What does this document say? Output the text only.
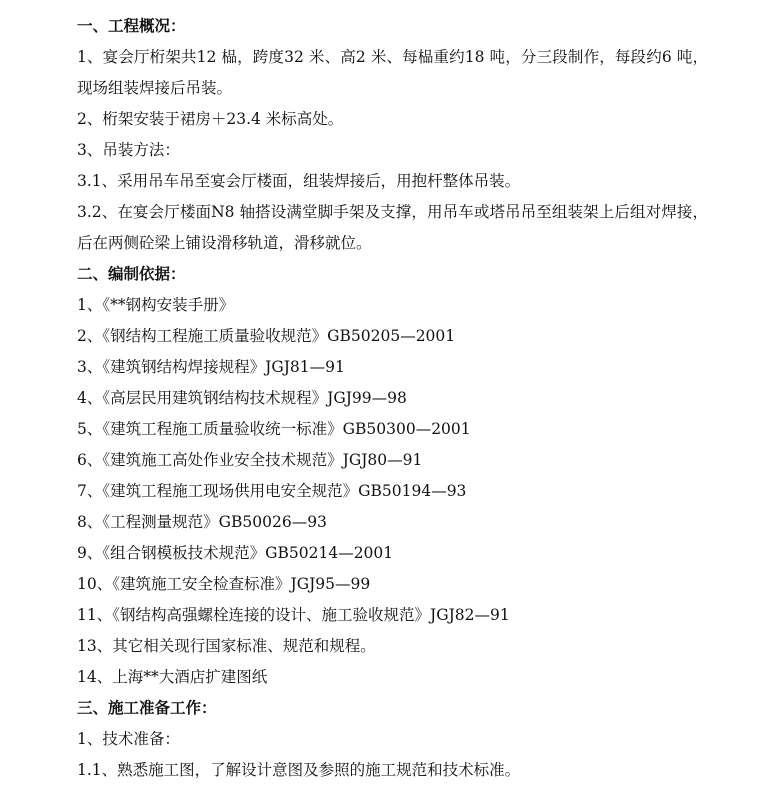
一、工程概况：
1、宴会厅桁架共12 榀，跨度32 米、高2 米、每榀重约18 吨，分三段制作，每段约6 吨，
现场组装焊接后吊装。
2、桁架安装于裙房＋23.4 米标高处。
3、吊装方法：
3.1、采用吊车吊至宴会厅楼面，组装焊接后，用抱杆整体吊装。
3.2、在宴会厅楼面N8 轴搭设满堂脚手架及支撑，用吊车或塔吊吊至组装架上后组对焊接，
后在两侧砼梁上铺设滑移轨道，滑移就位。
二、编制依据：
1、《**钢构安装手册》
2、《钢结构工程施工质量验收规范》GB50205—2001
3、《建筑钢结构焊接规程》JGJ81—91
4、《高层民用建筑钢结构技术规程》JGJ99—98
5、《建筑工程施工质量验收统一标准》GB50300—2001
6、《建筑施工高处作业安全技术规范》JGJ80—91
7、《建筑工程施工现场供用电安全规范》GB50194—93
8、《工程测量规范》GB50026—93
9、《组合钢模板技术规范》GB50214—2001
10、《建筑施工安全检查标准》JGJ95—99
11、《钢结构高强螺栓连接的设计、施工验收规范》JGJ82—91
13、其它相关现行国家标准、规范和规程。
14、上海**大酒店扩建图纸
三、施工准备工作：
1、技术准备：
1.1、熟悉施工图，了解设计意图及参照的施工规范和技术标准。
